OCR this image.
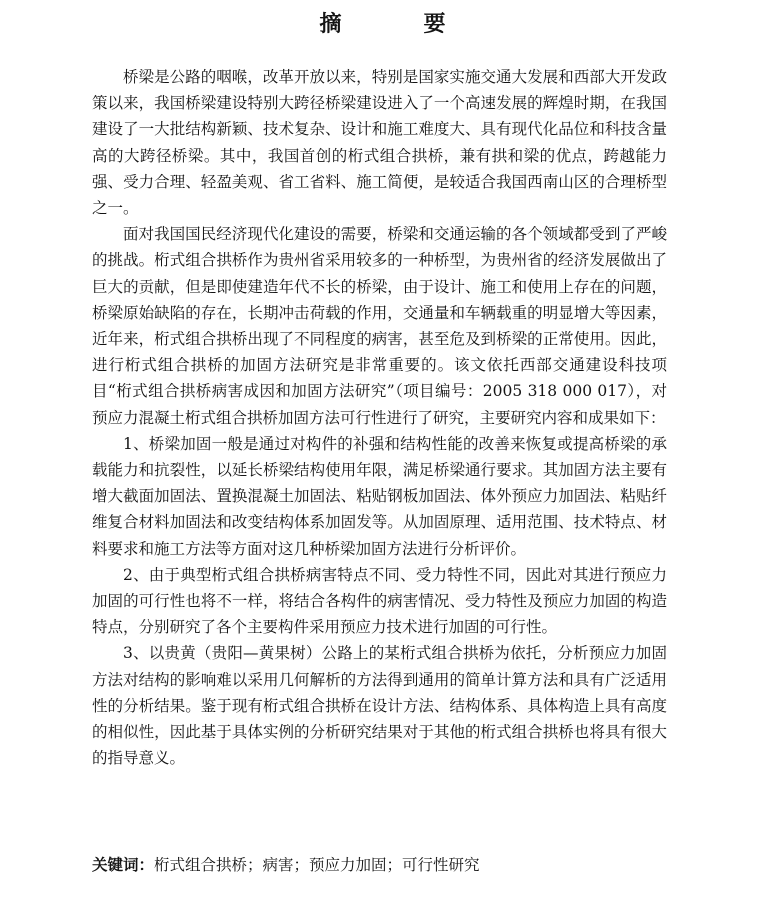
摘　要

桥梁是公路的咽喉，改革开放以来，特别是国家实施交通大发展和西部大开发政策以来，我国桥梁建设特别大跨径桥梁建设进入了一个高速发展的辉煌时期，在我国建设了一大批结构新颖、技术复杂、设计和施工难度大、具有现代化品位和科技含量高的大跨径桥梁。其中，我国首创的桁式组合拱桥，兼有拱和梁的优点，跨越能力强、受力合理、轻盈美观、省工省料、施工简便，是较适合我国西南山区的合理桥型之一。

面对我国国民经济现代化建设的需要，桥梁和交通运输的各个领域都受到了严峻的挑战。桁式组合拱桥作为贵州省采用较多的一种桥型，为贵州省的经济发展做出了巨大的贡献，但是即使建造年代不长的桥梁，由于设计、施工和使用上存在的问题，桥梁原始缺陷的存在，长期冲击荷载的作用，交通量和车辆载重的明显增大等因素，近年来，桁式组合拱桥出现了不同程度的病害，甚至危及到桥梁的正常使用。因此，进行桁式组合拱桥的加固方法研究是非常重要的。该文依托西部交通建设科技项目“桁式组合拱桥病害成因和加固方法研究”（项目编号：2005 318 000 017），对预应力混凝土桁式组合拱桥加固方法可行性进行了研究，主要研究内容和成果如下：

1、桥梁加固一般是通过对构件的补强和结构性能的改善来恢复或提高桥梁的承载能力和抗裂性，以延长桥梁结构使用年限，满足桥梁通行要求。其加固方法主要有增大截面加固法、置换混凝土加固法、粘贴钢板加固法、体外预应力加固法、粘贴纤维复合材料加固法和改变结构体系加固发等。从加固原理、适用范围、技术特点、材料要求和施工方法等方面对这几种桥梁加固方法进行分析评价。

2、由于典型桁式组合拱桥病害特点不同、受力特性不同，因此对其进行预应力加固的可行性也将不一样，将结合各构件的病害情况、受力特性及预应力加固的构造特点，分别研究了各个主要构件采用预应力技术进行加固的可行性。

3、以贵黄（贵阳—黄果树）公路上的某桁式组合拱桥为依托，分析预应力加固方法对结构的影响难以采用几何解析的方法得到通用的简单计算方法和具有广泛适用性的分析结果。鉴于现有桁式组合拱桥在设计方法、结构体系、具体构造上具有高度的相似性，因此基于具体实例的分析研究结果对于其他的桁式组合拱桥也将具有很大的指导意义。

关键词：桁式组合拱桥；病害；预应力加固；可行性研究
